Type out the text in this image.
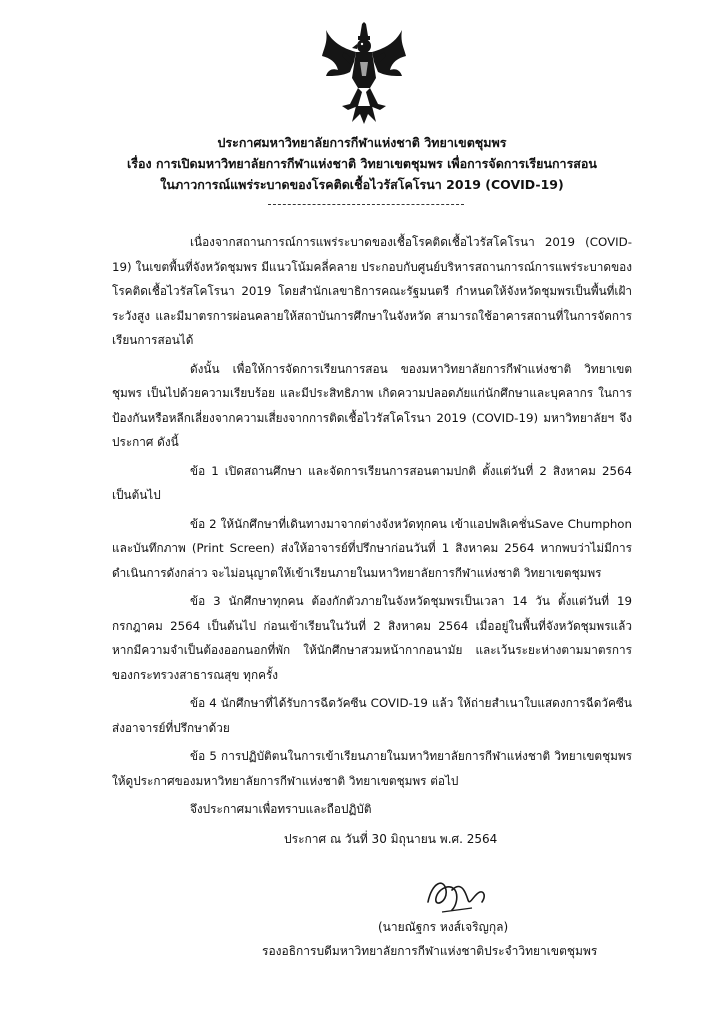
ประกาศมหาวิทยาลัยการกีฬาแห่งชาติ วิทยาเขตชุมพร
เรื่อง การเปิดมหาวิทยาลัยการกีฬาแห่งชาติ วิทยาเขตชุมพร เพื่อการจัดการเรียนการสอน
ในภาวการณ์แพร่ระบาดของโรคติดเชื้อไวรัสโคโรนา 2019 (COVID-19)

เนื่องจากสถานการณ์การแพร่ระบาดของเชื้อโรคติดเชื้อไวรัสโคโรนา 2019 (COVID-19) ในเขตพื้นที่จังหวัดชุมพร มีแนวโน้มคลี่คลาย ประกอบกับศูนย์บริหารสถานการณ์การแพร่ระบาดของโรคติดเชื้อไวรัสโคโรนา 2019 โดยสำนักเลขาธิการคณะรัฐมนตรี กำหนดให้จังหวัดชุมพรเป็นพื้นที่เฝ้าระวังสูง และมีมาตรการผ่อนคลายให้สถาบันการศึกษาในจังหวัด สามารถใช้อาคารสถานที่ในการจัดการเรียนการสอนได้

ดังนั้น เพื่อให้การจัดการเรียนการสอน ของมหาวิทยาลัยการกีฬาแห่งชาติ วิทยาเขตชุมพร เป็นไปด้วยความเรียบร้อย และมีประสิทธิภาพ เกิดความปลอดภัยแก่นักศึกษาและบุคลากร ในการป้องกันหรือหลีกเลี่ยงจากความเสี่ยงจากการติดเชื้อไวรัสโคโรนา 2019 (COVID-19) มหาวิทยาลัยฯ จึงประกาศ ดังนี้

ข้อ 1 เปิดสถานศึกษา และจัดการเรียนการสอนตามปกติ ตั้งแต่วันที่ 2 สิงหาคม 2564 เป็นต้นไป

ข้อ 2 ให้นักศึกษาที่เดินทางมาจากต่างจังหวัดทุกคน เข้าแอปพลิเคชั่นSave Chumphon และบันทึกภาพ (Print Screen) ส่งให้อาจารย์ที่ปรึกษาก่อนวันที่ 1 สิงหาคม 2564 หากพบว่าไม่มีการดำเนินการดังกล่าว จะไม่อนุญาตให้เข้าเรียนภายในมหาวิทยาลัยการกีฬาแห่งชาติ วิทยาเขตชุมพร

ข้อ 3 นักศึกษาทุกคน ต้องกักตัวภายในจังหวัดชุมพรเป็นเวลา 14 วัน ตั้งแต่วันที่ 19 กรกฎาคม 2564 เป็นต้นไป ก่อนเข้าเรียนในวันที่ 2 สิงหาคม 2564 เมื่ออยู่ในพื้นที่จังหวัดชุมพรแล้ว หากมีความจำเป็นต้องออกนอกที่พัก ให้นักศึกษาสวมหน้ากากอนามัย และเว้นระยะห่างตามมาตรการของกระทรวงสาธารณสุข ทุกครั้ง

ข้อ 4 นักศึกษาที่ได้รับการฉีดวัคซีน COVID-19 แล้ว ให้ถ่ายสำเนาใบแสดงการฉีดวัคซีนส่งอาจารย์ที่ปรึกษาด้วย

ข้อ 5 การปฏิบัติตนในการเข้าเรียนภายในมหาวิทยาลัยการกีฬาแห่งชาติ วิทยาเขตชุมพร ให้ดูประกาศของมหาวิทยาลัยการกีฬาแห่งชาติ วิทยาเขตชุมพร ต่อไป

จึงประกาศมาเพื่อทราบและถือปฏิบัติ

ประกาศ ณ วันที่ 30 มิถุนายน พ.ศ. 2564
(นายณัฐกร หงส์เจริญกุล)
รองอธิการบดีมหาวิทยาลัยการกีฬาแห่งชาติประจำวิทยาเขตชุมพร
